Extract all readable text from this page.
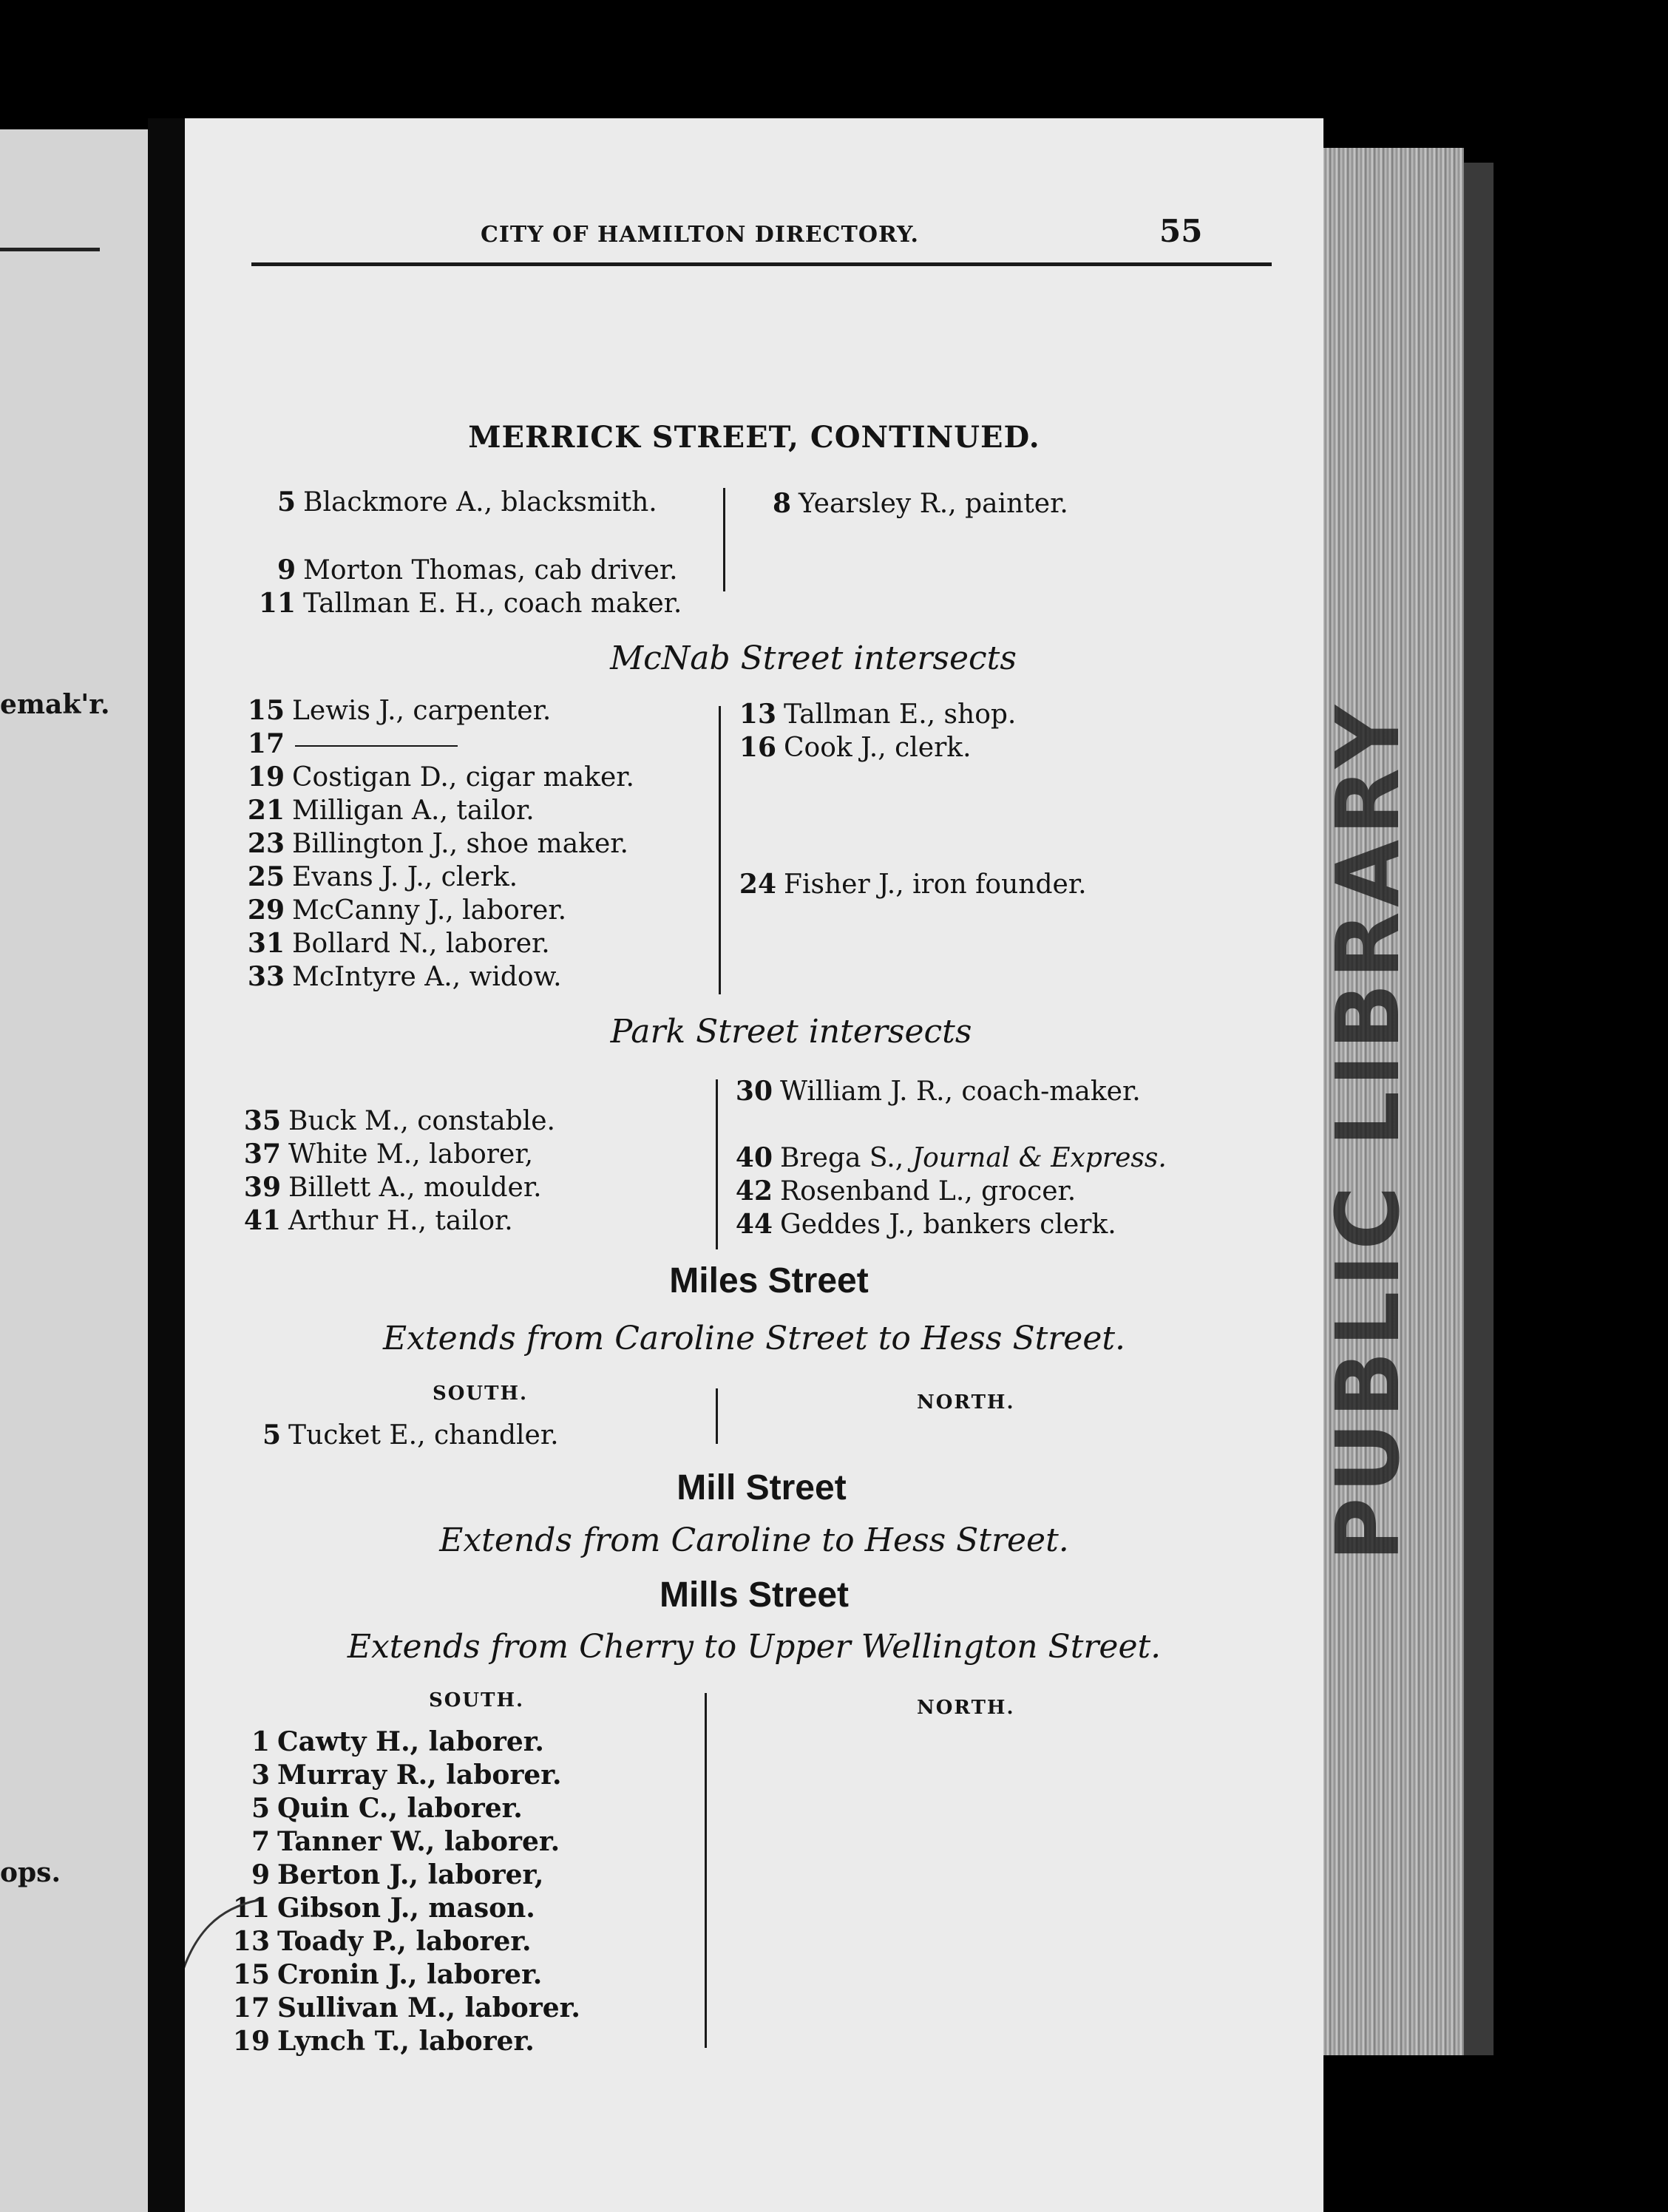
emak'r.
ops.
CITY OF HAMILTON DIRECTORY.	55
MERRICK STREET, CONTINUED.
5 Blackmore A., blacksmith.
9 Morton Thomas, cab driver.
11 Tallman E. H., coach maker.
8 Yearsley R., painter.
McNab Street intersects
15 Lewis J., carpenter.
17
19 Costigan D., cigar maker.
21 Milligan A., tailor.
23 Billington J., shoe maker.
25 Evans J. J., clerk.
29 McCanny J., laborer.
31 Bollard N., laborer.
33 McIntyre A., widow.
13 Tallman E., shop.
16 Cook J., clerk.
24 Fisher J., iron founder.
Park Street intersects
35 Buck M., constable.
37 White M., laborer,
39 Billett A., moulder.
41 Arthur H., tailor.
30 William J. R., coach-maker.
40 Brega S., Journal & Express.
42 Rosenband L., grocer.
44 Geddes J., bankers clerk.
Miles Street
Extends from Caroline Street to Hess Street.
SOUTH.	NORTH.
5 Tucket E., chandler.
Mill Street
Extends from Caroline to Hess Street.
Mills Street
Extends from Cherry to Upper Wellington Street.
SOUTH.	NORTH.
1 Cawty H., laborer.
3 Murray R., laborer.
5 Quin C., laborer.
7 Tanner W., laborer.
9 Berton J., laborer,
11 Gibson J., mason.
13 Toady P., laborer.
15 Cronin J., laborer.
17 Sullivan M., laborer.
19 Lynch T., laborer.
PUBLIC LIBRARY
